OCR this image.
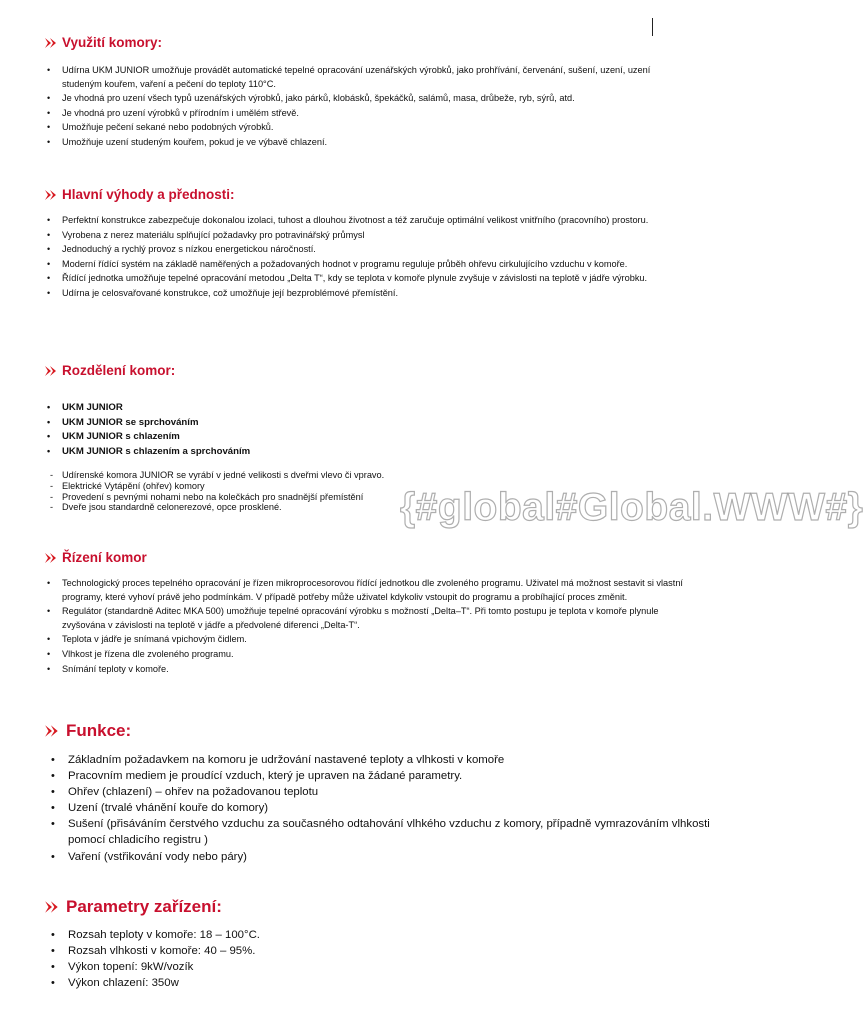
Využití komory:
• Udírna UKM JUNIOR umožňuje provádět automatické tepelné opracování uzenářských výrobků, jako prohřívání, červenání, sušení, uzení, uzení studeným kouřem, vaření a pečení do teploty 110°C.
• Je vhodná pro uzení všech typů uzenářských výrobků, jako párků, klobásků, špekáčků, salámů, masa, drůbeže, ryb, sýrů, atd.
• Je vhodná pro uzení výrobků v přírodním i umělém střevě.
• Umožňuje pečení sekané nebo podobných výrobků.
• Umožňuje uzení studeným kouřem, pokud je ve výbavě chlazení.
Hlavní výhody a přednosti:
• Perfektní konstrukce zabezpečuje dokonalou izolaci, tuhost a dlouhou životnost a též zaručuje optimální velikost vnitřního (pracovního) prostoru.
• Vyrobena z nerez materiálu splňující požadavky pro potravinářský průmysl
• Jednoduchý a rychlý provoz s nízkou energetickou náročností.
• Moderní řídící systém na základě naměřených a požadovaných hodnot v programu reguluje průběh ohřevu cirkulujícího vzduchu v komoře.
• Řídící jednotka umožňuje tepelné opracování metodou „Delta T“, kdy se teplota v komoře plynule zvyšuje v závislosti na teplotě v jádře výrobku.
• Udírna je celosvařované konstrukce, což umožňuje její bezproblémové přemístění.
Rozdělení komor:
• UKM JUNIOR
• UKM JUNIOR se sprchováním
• UKM JUNIOR s chlazením
• UKM JUNIOR s chlazením a sprchováním
- Udírenské komora JUNIOR se vyrábí v jedné velikosti s dveřmi vlevo či vpravo.
- Elektrické Vytápění (ohřev) komory
- Provedení s pevnými nohami nebo na kolečkách pro snadnější přemístění
- Dveře jsou standardně celonerezové, opce prosklené.
Řízení komor
• Technologický proces tepelného opracování je řízen mikroprocesorovou řídící jednotkou dle zvoleného programu. Uživatel má možnost sestavit si vlastní programy, které vyhoví právě jeho podmínkám. V případě potřeby může uživatel kdykoliv vstoupit do programu a probíhající proces změnit.
• Regulátor (standardně Aditec MKA 500) umožňuje tepelné opracování výrobku s možností „Delta–T“. Při tomto postupu je teplota v komoře plynule zvyšována v závislosti na teplotě v jádře a předvolené diferenci „Delta-T“.
• Teplota v jádře je snímaná vpichovým čidlem.
• Vlhkost je řízena dle zvoleného programu.
• Snímání teploty v komoře.
Funkce:
• Základním požadavkem na komoru je udržování nastavené teploty a vlhkosti v komoře
• Pracovním mediem je proudící vzduch, který je upraven na žádané parametry.
• Ohřev (chlazení) – ohřev na požadovanou teplotu
• Uzení (trvalé vhánění kouře do komory)
• Sušení (přisáváním čerstvého vzduchu za současného odtahování vlhkého vzduchu z komory, případně vymrazováním vlhkosti pomocí chladicího registru )
• Vaření (vstřikování vody nebo páry)
Parametry zařízení:
• Rozsah teploty v komoře: 18 – 100°C.
• Rozsah vlhkosti v komoře: 40 – 95%.
• Výkon topení: 9kW/vozík
• Výkon chlazení: 350w
{#global#Global.WWW#}
